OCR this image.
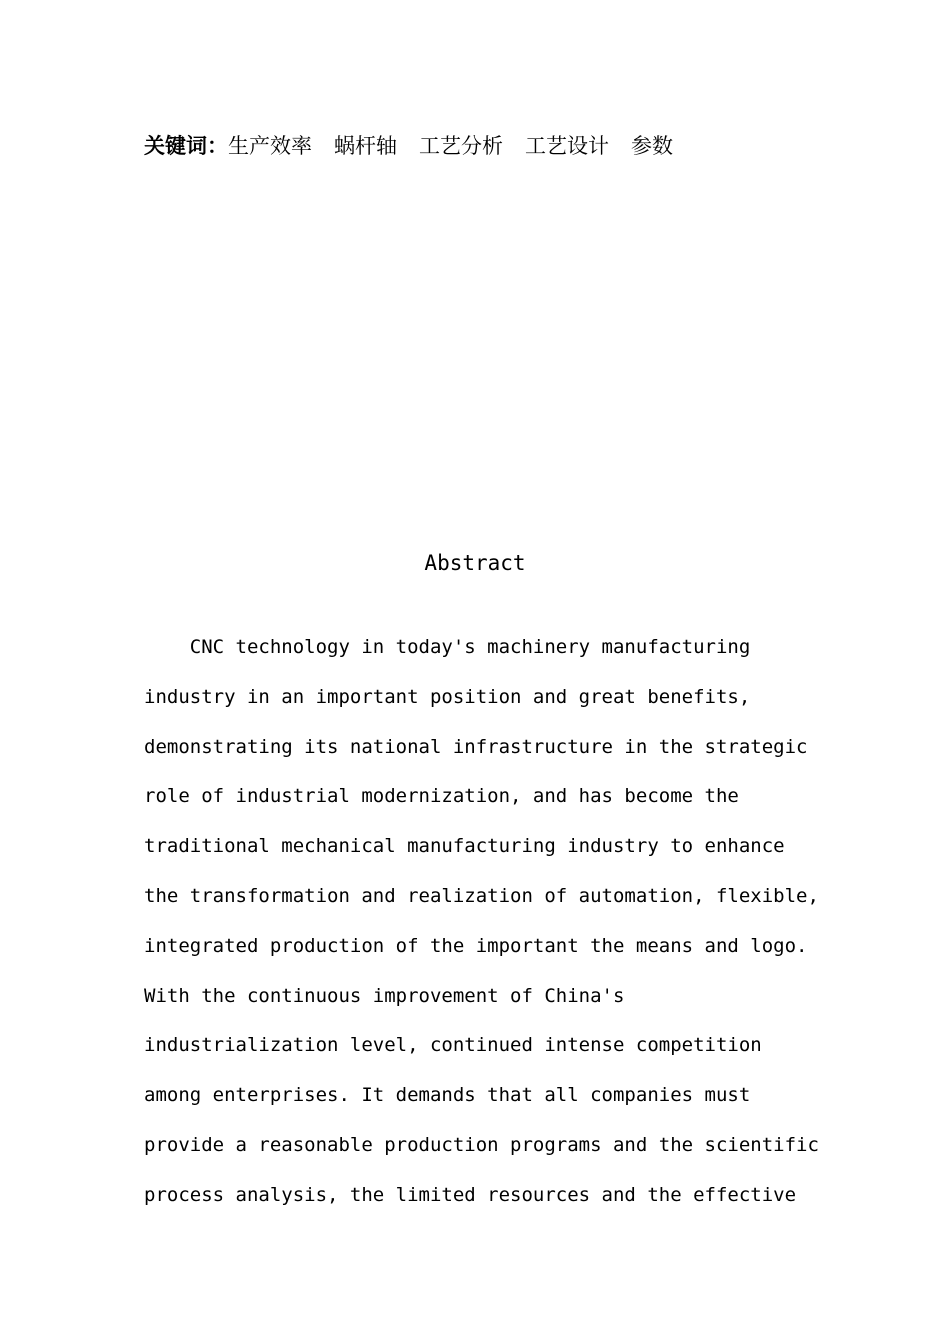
关键词：生产效率 蜗杆轴 工艺分析 工艺设计 参数
Abstract
CNC technology in today's machinery manufacturing
industry in an important position and great benefits,
demonstrating its national infrastructure in the strategic
role of industrial modernization, and has become the
traditional mechanical manufacturing industry to enhance
the transformation and realization of automation, flexible,
integrated production of the important the means and logo.
With the continuous improvement of China's
industrialization level, continued intense competition
among enterprises. It demands that all companies must
provide a reasonable production programs and the scientific
process analysis, the limited resources and the effective
